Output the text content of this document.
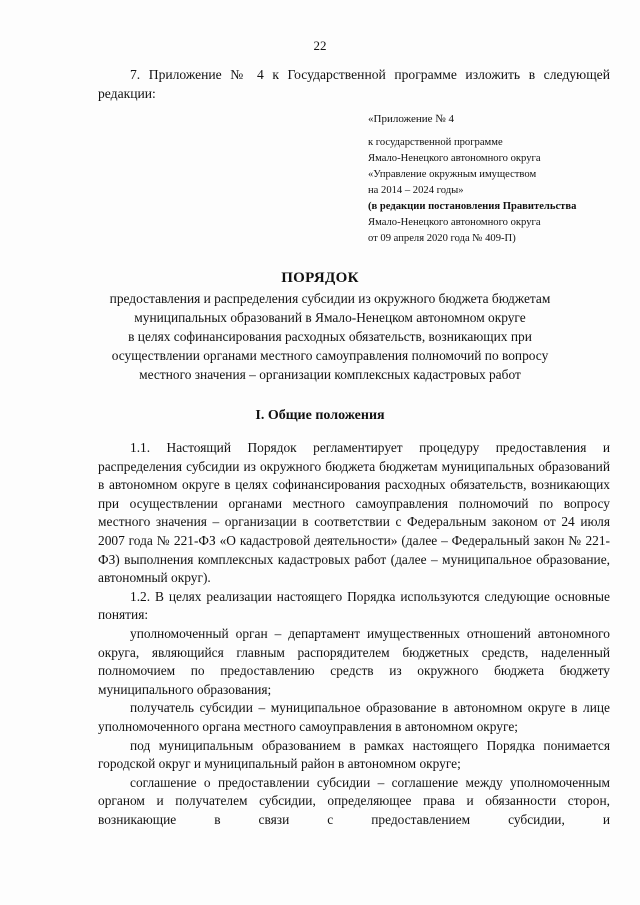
22
7. Приложение № 4 к Государственной программе изложить в следующей редакции:
«Приложение № 4
к государственной программе
Ямало-Ненецкого автономного округа
«Управление окружным имуществом
на 2014 – 2024 годы»
(в редакции постановления Правительства
Ямало-Ненецкого автономного округа
от 09 апреля 2020 года № 409-П)
ПОРЯДОК
предоставления и распределения субсидии из окружного бюджета бюджетам
муниципальных образований в Ямало-Ненецком автономном округе
в целях софинансирования расходных обязательств, возникающих при
осуществлении органами местного самоуправления полномочий по вопросу
местного значения – организации комплексных кадастровых работ
I. Общие положения

1.1. Настоящий Порядок регламентирует процедуру предоставления и распределения субсидии из окружного бюджета бюджетам муниципальных образований в автономном округе в целях софинансирования расходных обязательств, возникающих при осуществлении органами местного самоуправления полномочий по вопросу местного значения – организации в соответствии с Федеральным законом от 24 июля 2007 года № 221-ФЗ «О кадастровой деятельности» (далее – Федеральный закон № 221-ФЗ) выполнения комплексных кадастровых работ (далее – муниципальное образование, автономный округ).

1.2. В целях реализации настоящего Порядка используются следующие основные понятия:

уполномоченный орган – департамент имущественных отношений автономного округа, являющийся главным распорядителем бюджетных средств, наделенный полномочием по предоставлению средств из окружного бюджета бюджету муниципального образования;

получатель субсидии – муниципальное образование в автономном округе в лице уполномоченного органа местного самоуправления в автономном округе;

под муниципальным образованием в рамках настоящего Порядка понимается городской округ и муниципальный район в автономном округе;

соглашение о предоставлении субсидии – соглашение между уполномоченным органом и получателем субсидии, определяющее права и обязанности сторон, возникающие в связи с предоставлением субсидии, и
